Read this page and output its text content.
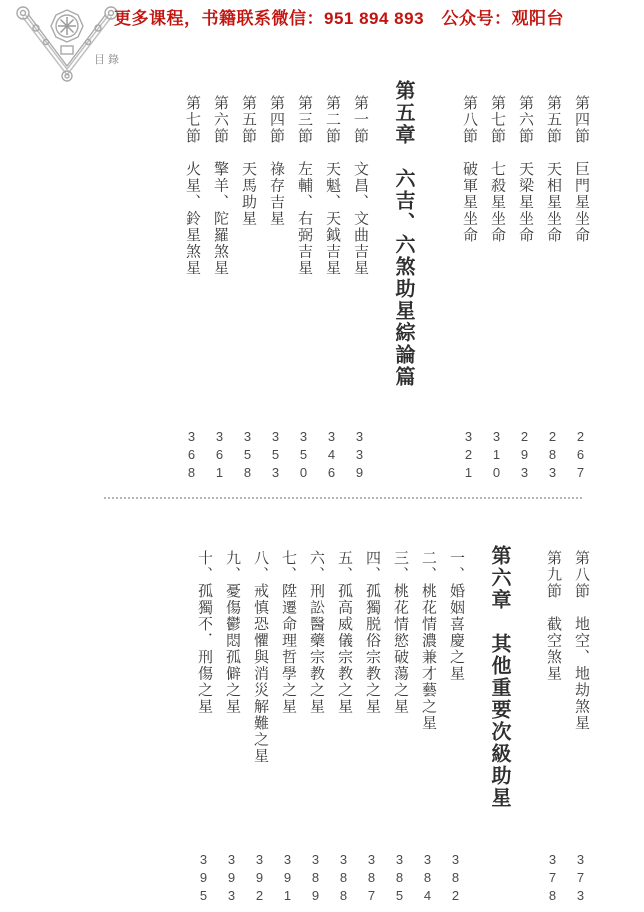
目錄
更多课程，书籍联系微信：951 894 893　公众号：观阳台
第四節　巨門星坐命
267
第五節　天相星坐命
283
第六節　天梁星坐命
293
第七節　七殺星坐命
310
第八節　破軍星坐命
321
第五章　六吉、六煞助星綜論篇
第一節　文昌、文曲吉星
339
第二節　天魁、天鉞吉星
346
第三節　左輔、右弼吉星
350
第四節　祿存吉星
353
第五節　天馬助星
358
第六節　擎羊、陀羅煞星
361
第七節　火星、鈴星煞星
368
第八節　地空、地劫煞星
373
第九節　截空煞星
378
第六章　其他重要次級助星
一、婚姻喜慶之星
382
二、桃花情濃兼才藝之星
384
三、桃花情慾破蕩之星
385
四、孤獨脱俗宗教之星
387
五、孤高威儀宗教之星
388
六、刑訟醫藥宗教之星
389
七、陞遷命理哲學之星
391
八、戒慎恐懼與消災解難之星
392
九、憂傷鬱悶孤僻之星
393
十、孤獨不．刑傷之星
395
